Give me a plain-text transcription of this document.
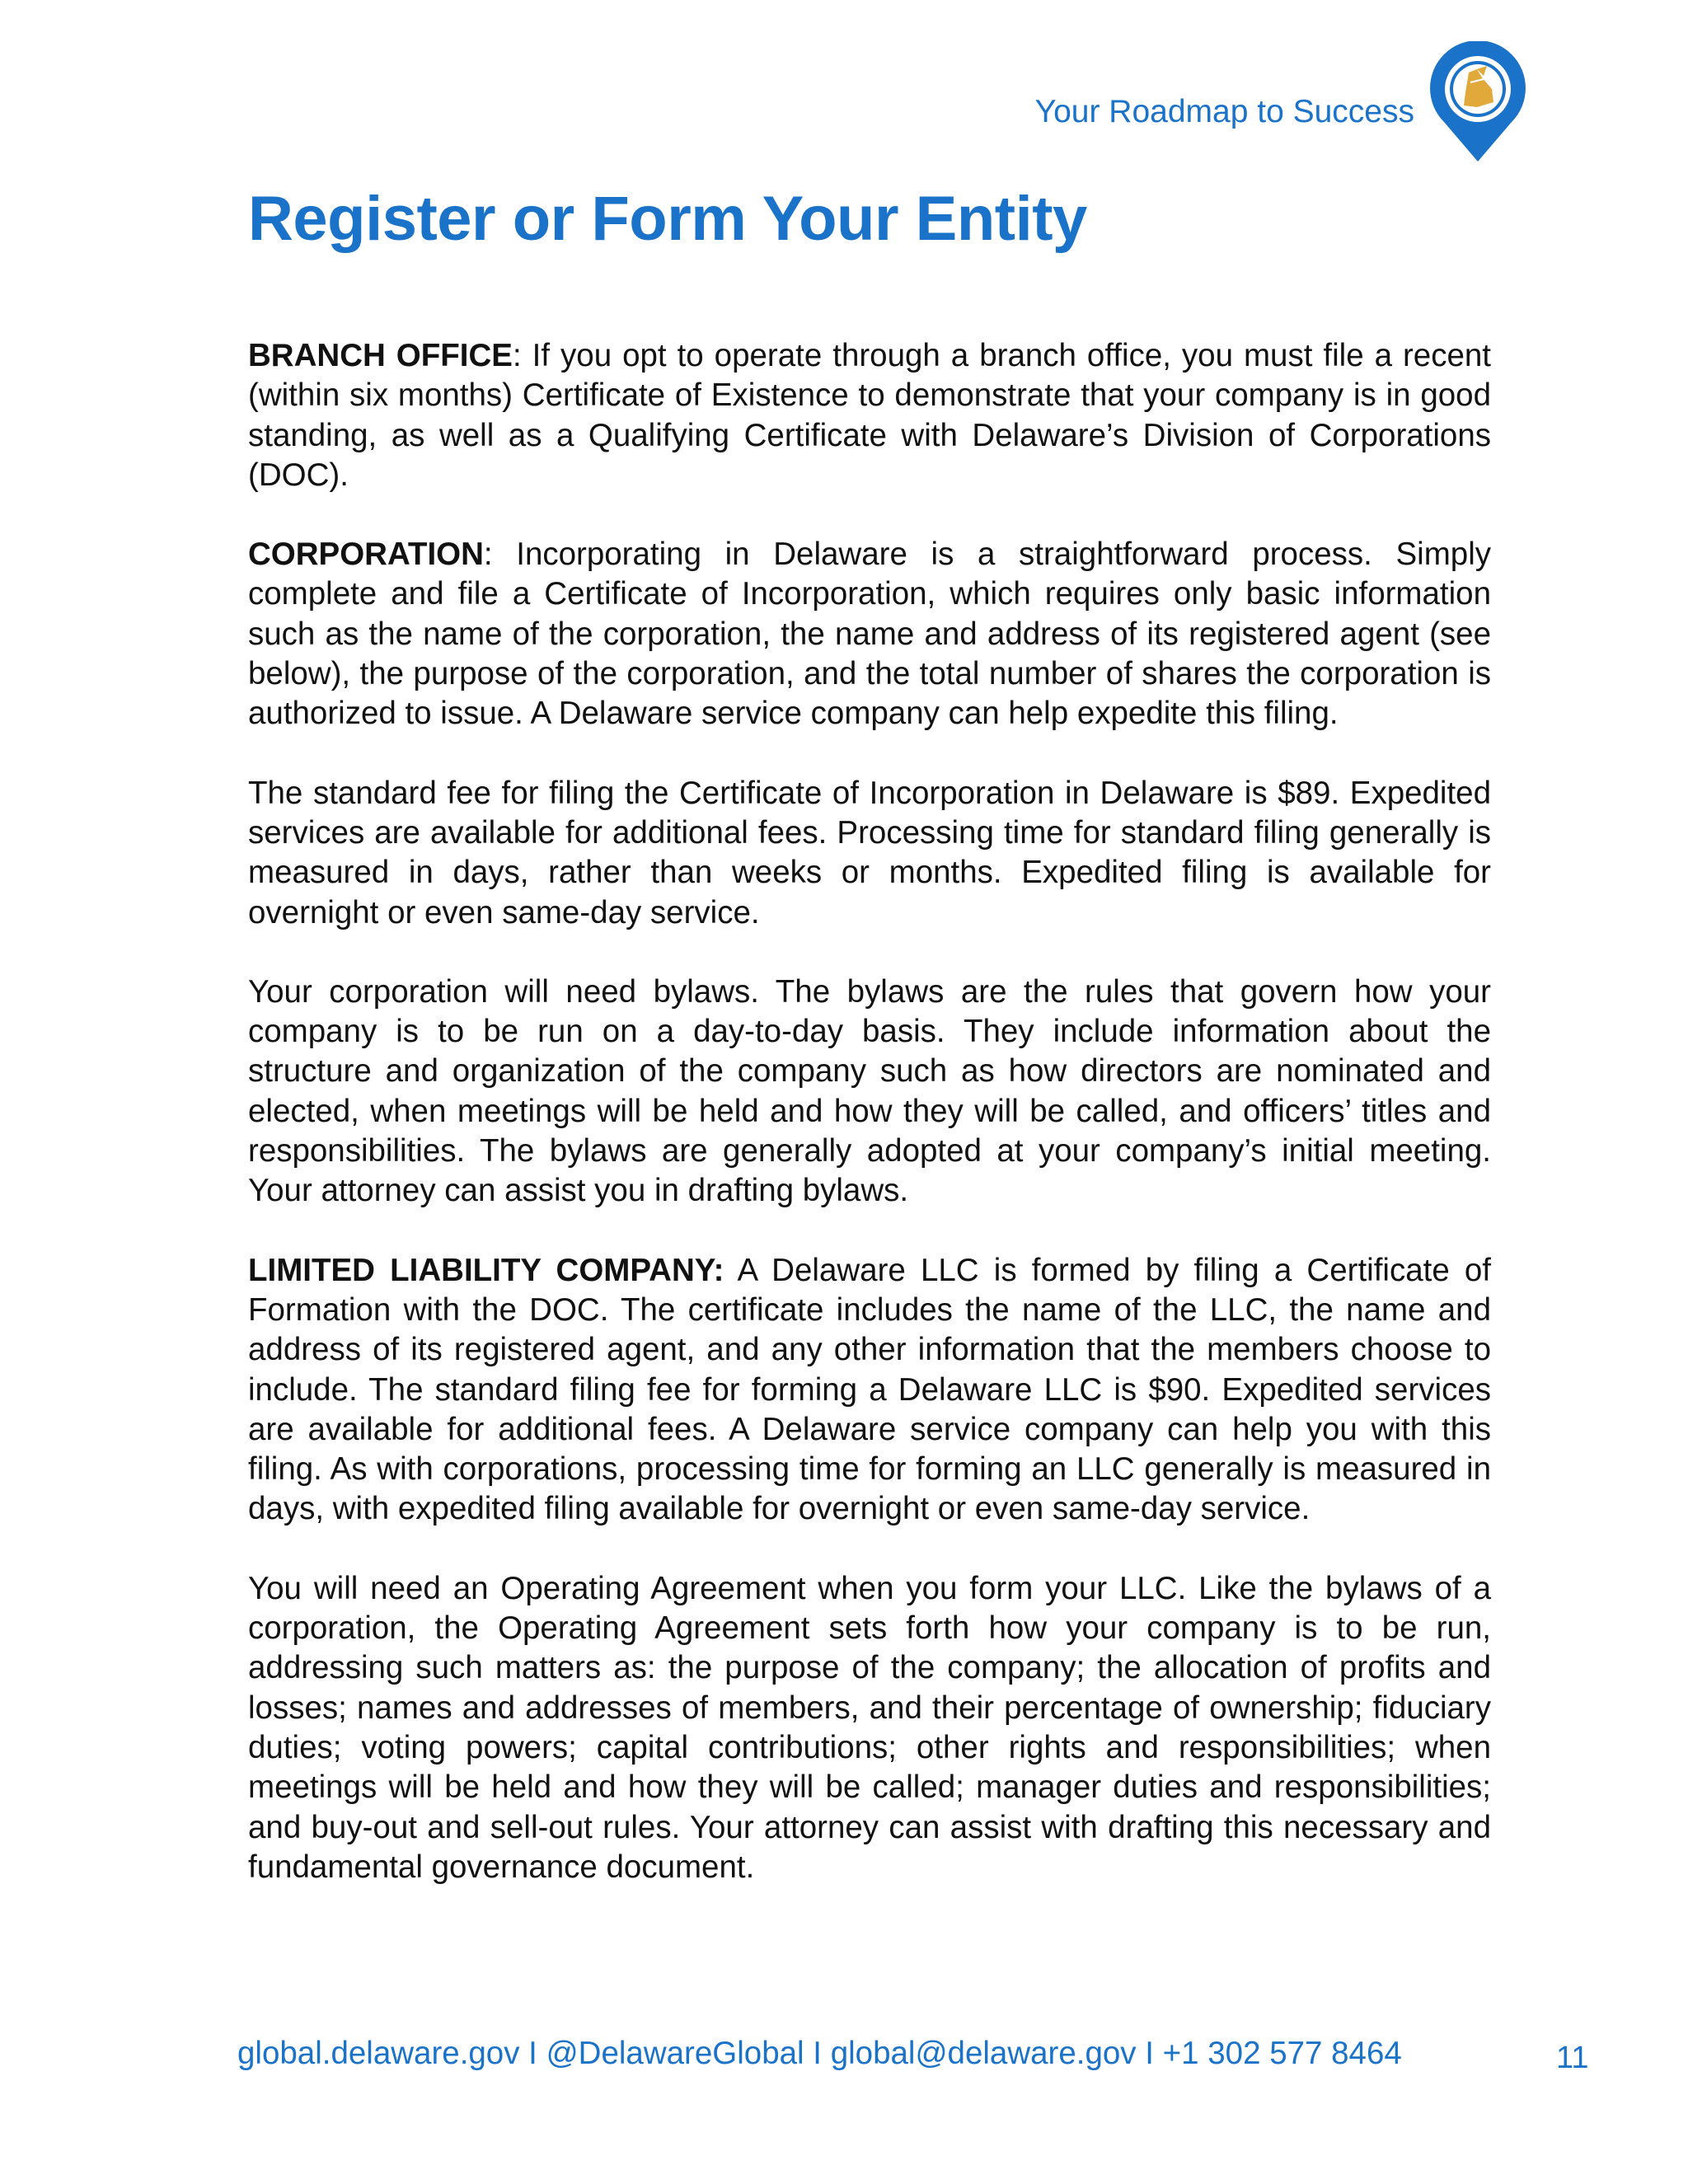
Your Roadmap to Success
Register or Form Your Entity

BRANCH OFFICE: If you opt to operate through a branch office, you must file a recent (within six months) Certificate of Existence to demonstrate that your company is in good standing, as well as a Qualifying Certificate with Delaware’s Division of Corporations (DOC).

CORPORATION: Incorporating in Delaware is a straightforward process. Simply complete and file a Certificate of Incorporation, which requires only basic information such as the name of the corporation, the name and address of its registered agent (see below), the purpose of the corporation, and the total number of shares the corporation is authorized to issue. A Delaware service company can help expedite this filing.

The standard fee for filing the Certificate of Incorporation in Delaware is $89. Expedited services are available for additional fees. Processing time for standard filing generally is measured in days, rather than weeks or months. Expedited filing is available for overnight or even same-day service.

Your corporation will need bylaws. The bylaws are the rules that govern how your company is to be run on a day-to-day basis. They include information about the structure and organization of the company such as how directors are nominated and elected, when meetings will be held and how they will be called, and officers’ titles and responsibilities. The bylaws are generally adopted at your company’s initial meeting. Your attorney can assist you in drafting bylaws.

LIMITED LIABILITY COMPANY: A Delaware LLC is formed by filing a Certificate of Formation with the DOC. The certificate includes the name of the LLC, the name and address of its registered agent, and any other information that the members choose to include. The standard filing fee for forming a Delaware LLC is $90. Expedited services are available for additional fees. A Delaware service company can help you with this filing. As with corporations, processing time for forming an LLC generally is measured in days, with expedited filing available for overnight or even same-day service.

You will need an Operating Agreement when you form your LLC. Like the bylaws of a corporation, the Operating Agreement sets forth how your company is to be run, addressing such matters as: the purpose of the company; the allocation of profits and losses; names and addresses of members, and their percentage of ownership; fiduciary duties; voting powers; capital contributions; other rights and responsibilities; when meetings will be held and how they will be called; manager duties and responsibilities; and buy-out and sell-out rules. Your attorney can assist with drafting this necessary and fundamental governance document.

global.delaware.gov I @DelawareGlobal I global@delaware.gov I +1 302 577 8464	11
